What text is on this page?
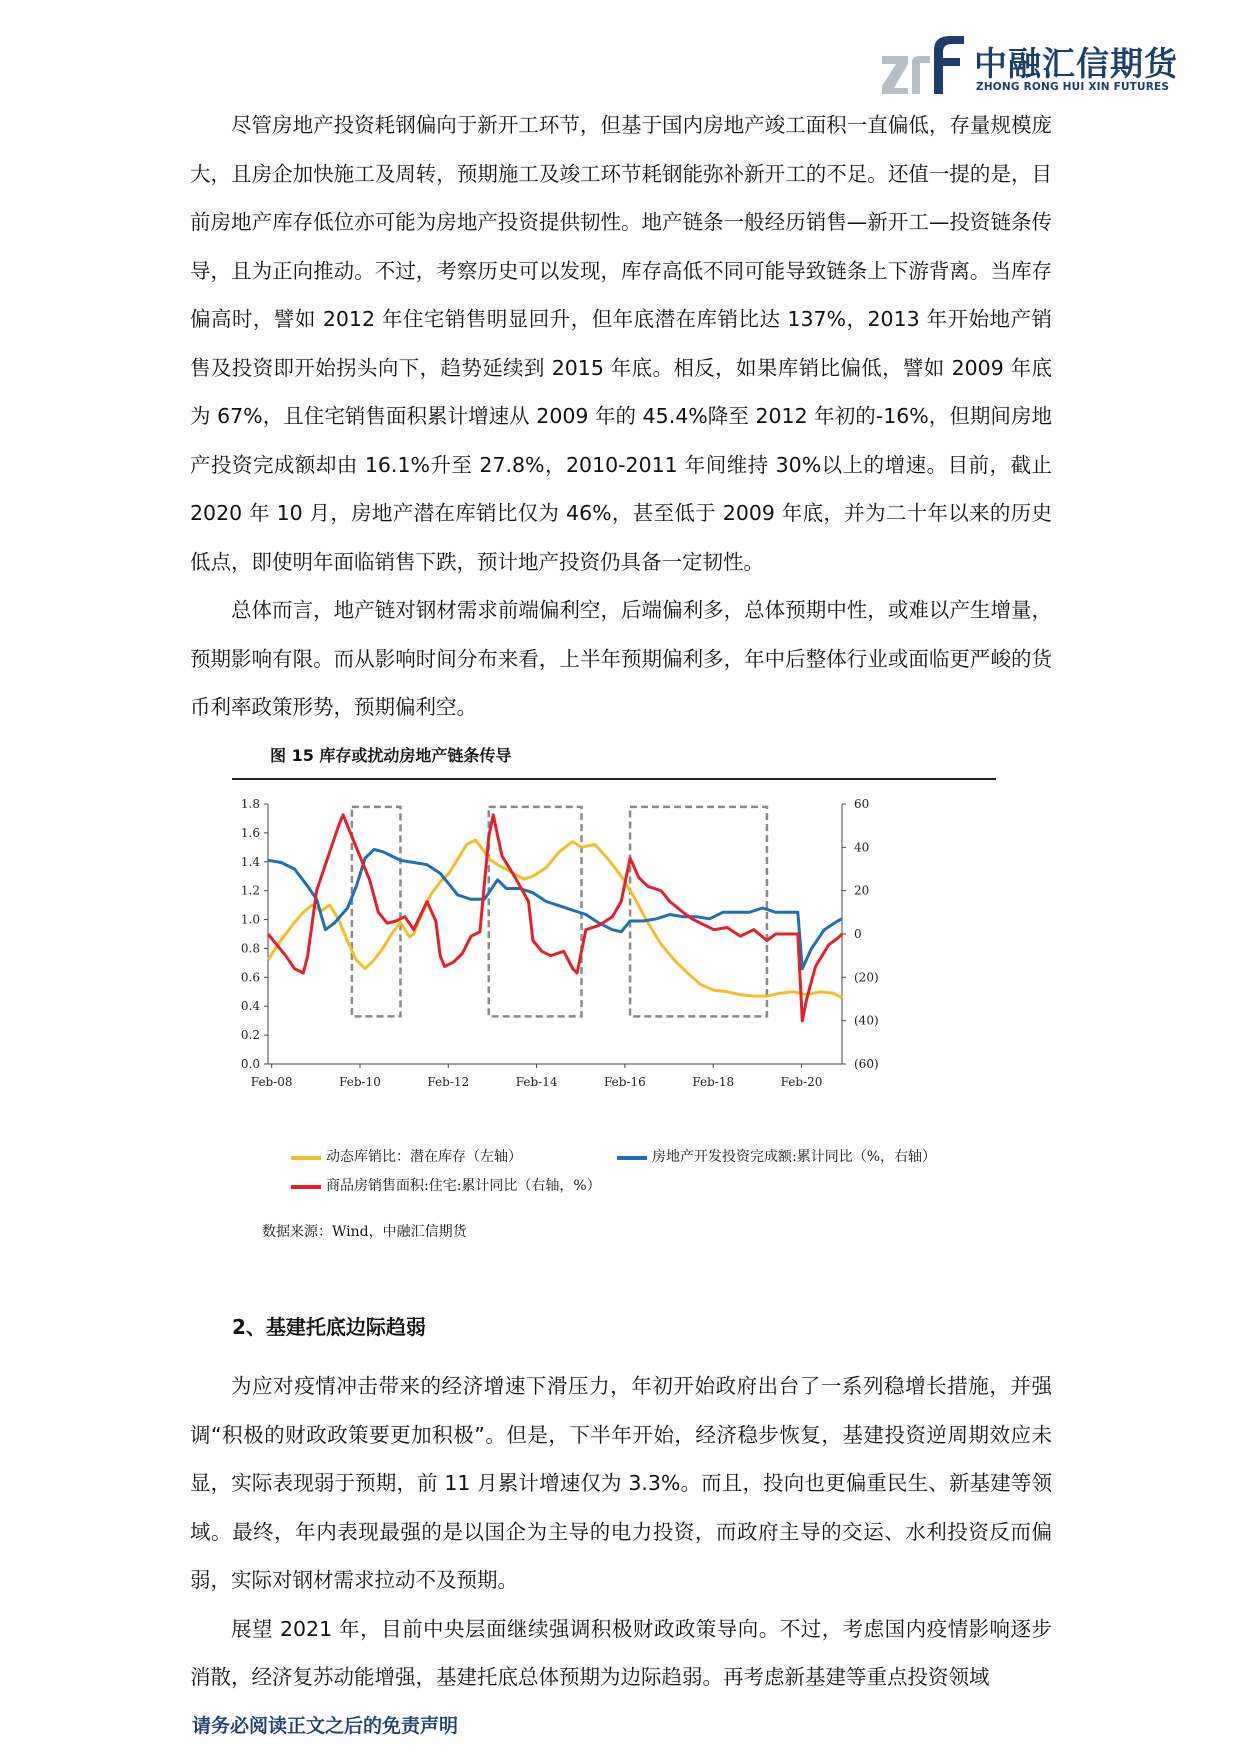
中融汇信期货
ZHONG RONG HUI XIN FUTURES

尽管房地产投资耗钢偏向于新开工环节，但基于国内房地产竣工面积一直偏低，存量规模庞大，且房企加快施工及周转，预期施工及竣工环节耗钢能弥补新开工的不足。还值一提的是，目前房地产库存低位亦可能为房地产投资提供韧性。地产链条一般经历销售—新开工—投资链条传导，且为正向推动。不过，考察历史可以发现，库存高低不同可能导致链条上下游背离。当库存偏高时，譬如 2012 年住宅销售明显回升，但年底潜在库销比达 137%，2013 年开始地产销售及投资即开始拐头向下，趋势延续到 2015 年底。相反，如果库销比偏低，譬如 2009 年底为 67%，且住宅销售面积累计增速从 2009 年的 45.4%降至 2012 年初的-16%，但期间房地产投资完成额却由 16.1%升至 27.8%，2010-2011 年间维持 30%以上的增速。目前，截止 2020 年 10 月，房地产潜在库销比仅为 46%，甚至低于 2009 年底，并为二十年以来的历史低点，即使明年面临销售下跌，预计地产投资仍具备一定韧性。

总体而言，地产链对钢材需求前端偏利空，后端偏利多，总体预期中性，或难以产生增量，预期影响有限。而从影响时间分布来看，上半年预期偏利多，年中后整体行业或面临更严峻的货币利率政策形势，预期偏利空。

图 15 库存或扰动房地产链条传导
0.0
0.2
0.4
0.6
0.8
1.0
1.2
1.4
1.6
1.8
(60)
(40)
(20)
0
20
40
60
Feb-08	Feb-10	Feb-12	Feb-14	Feb-16	Feb-18	Feb-20
动态库销比：潜在库存（左轴）	房地产开发投资完成额:累计同比（%，右轴）
商品房销售面积:住宅:累计同比（右轴，%）
数据来源：Wind，中融汇信期货
2、基建托底边际趋弱

为应对疫情冲击带来的经济增速下滑压力，年初开始政府出台了一系列稳增长措施，并强调“积极的财政政策要更加积极”。但是，下半年开始，经济稳步恢复，基建投资逆周期效应未显，实际表现弱于预期，前 11 月累计增速仅为 3.3%。而且，投向也更偏重民生、新基建等领域。最终，年内表现最强的是以国企为主导的电力投资，而政府主导的交运、水利投资反而偏弱，实际对钢材需求拉动不及预期。

展望 2021 年，目前中央层面继续强调积极财政政策导向。不过，考虑国内疫情影响逐步消散，经济复苏动能增强，基建托底总体预期为边际趋弱。再考虑新基建等重点投资领域

请务必阅读正文之后的免责声明
